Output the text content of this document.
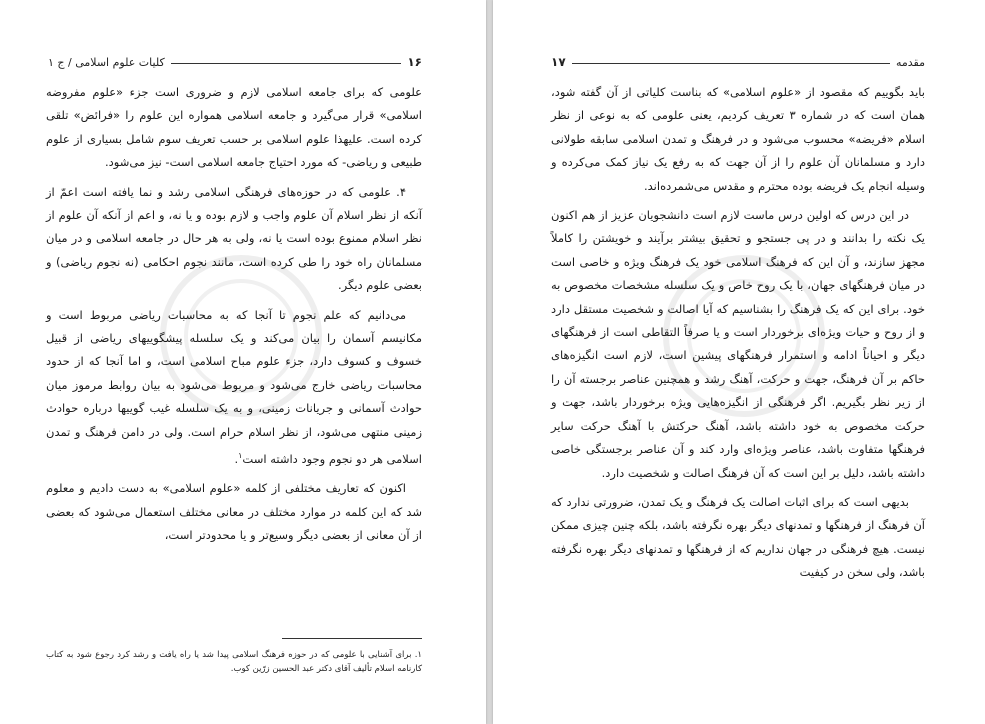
۱۶
کلیات علوم اسلامی / ج ۱

علومی که برای جامعه اسلامی لازم و ضروری است جزء «علوم مفروضه اسلامی» قرار می‌گیرد و جامعه اسلامی همواره این علوم را «فرائض» تلقی کرده است. علیهذا علوم اسلامی بر حسب تعریف سوم شامل بسیاری از علوم طبیعی و ریاضی- که مورد احتیاج جامعه اسلامی است- نیز می‌شود.

۴. علومی که در حوزه‌های فرهنگی اسلامی رشد و نما یافته است اعمّ از آنکه از نظر اسلام آن علوم واجب و لازم بوده و یا نه، و اعم از آنکه آن علوم از نظر اسلام ممنوع بوده است یا نه، ولی به هر حال در جامعه اسلامی و در میان مسلمانان راه خود را طی کرده است، مانند نجوم احکامی (نه نجوم ریاضی) و بعضی علوم دیگر.

می‌دانیم که علم نجوم تا آنجا که به محاسبات ریاضی مربوط است و مکانیسم آسمان را بیان می‌کند و یک سلسله پیشگوییهای ریاضی از قبیل خسوف و کسوف دارد، جزء علوم مباح اسلامی است، و اما آنجا که از حدود محاسبات ریاضی خارج می‌شود و مربوط می‌شود به بیان روابط مرموز میان حوادث آسمانی و جریانات زمینی، و به یک سلسله غیب گوییها درباره حوادث زمینی منتهی می‌شود، از نظر اسلام حرام است. ولی در دامن فرهنگ و تمدن اسلامی هر دو نجوم وجود داشته است$^۱$.

اکنون که تعاریف مختلفی از کلمه «علوم اسلامی» به دست دادیم و معلوم شد که این کلمه در موارد مختلف در معانی مختلف استعمال می‌شود که بعضی از آن معانی از بعضی دیگر وسیع‌تر و یا محدودتر است،

۱. برای آشنایی با علومی که در حوزه فرهنگ اسلامی پیدا شد یا راه یافت و رشد کرد رجوع شود به کتاب کارنامه اسلام تألیف آقای دکتر عبد الحسین زرّین کوب.
مقدمه
۱۷

باید بگوییم که مقصود از «علوم اسلامی» که بناست کلیاتی از آن گفته شود، همان است که در شماره ۳ تعریف کردیم، یعنی علومی که به نوعی از نظر اسلام «فریضه» محسوب می‌شود و در فرهنگ و تمدن اسلامی سابقه طولانی دارد و مسلمانان آن علوم را از آن جهت که به رفع یک نیاز کمک می‌کرده و وسیله انجام یک فریضه بوده محترم و مقدس می‌شمرده‌اند.

در این درس که اولین درس ماست لازم است دانشجویان عزیز از هم اکنون یک نکته را بدانند و در پی جستجو و تحقیق بیشتر برآیند و خویشتن را کاملاً مجهز سازند، و آن این که فرهنگ اسلامی خود یک فرهنگ ویژه و خاصی است در میان فرهنگهای جهان، با یک روح خاص و یک سلسله مشخصات مخصوص به خود. برای این که یک فرهنگ را بشناسیم که آیا اصالت و شخصیت مستقل دارد و از روح و حیات ویژه‌ای برخوردار است و یا صرفاً التقاطی است از فرهنگهای دیگر و احیاناً ادامه و استمرار فرهنگهای پیشین است، لازم است انگیزه‌های حاکم بر آن فرهنگ، جهت و حرکت، آهنگ رشد و همچنین عناصر برجسته آن را از زیر نظر بگیریم. اگر فرهنگی از انگیزه‌هایی ویژه برخوردار باشد، جهت و حرکت مخصوص به خود داشته باشد، آهنگ حرکتش با آهنگ حرکت سایر فرهنگها متفاوت باشد، عناصر ویژه‌ای وارد کند و آن عناصر برجستگی خاصی داشته باشد، دلیل بر این است که آن فرهنگ اصالت و شخصیت دارد.

بدیهی است که برای اثبات اصالت یک فرهنگ و یک تمدن، ضرورتی ندارد که آن فرهنگ از فرهنگها و تمدنهای دیگر بهره نگرفته باشد، بلکه چنین چیزی ممکن نیست. هیچ فرهنگی در جهان نداریم که از فرهنگها و تمدنهای دیگر بهره نگرفته باشد، ولی سخن در کیفیت
